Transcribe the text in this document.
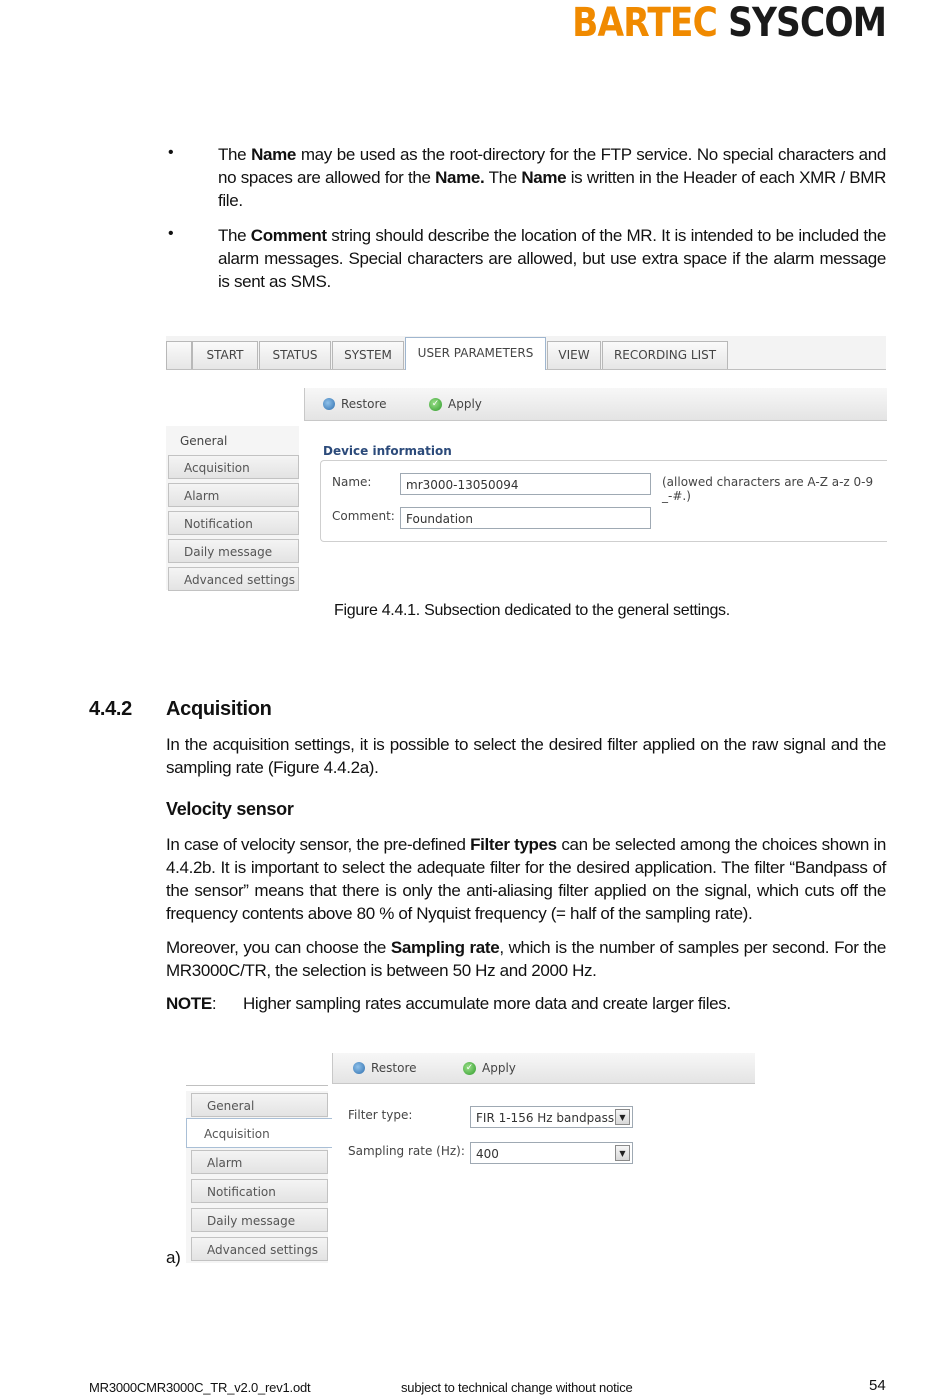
BARTEC SYSCOM
•	The Name may be used as the root-directory for the FTP service. No special characters and no spaces are allowed for the Name. The Name is written in the Header of each XMR / BMR file.
•	The Comment string should describe the location of the MR. It is intended to be included the alarm messages. Special characters are allowed, but use extra space if the alarm message is sent as SMS.
START	STATUS	SYSTEM	USER PARAMETERS	VIEW	RECORDING LIST
Restore	✓ Apply
General
Acquisition
Alarm
Notification
Daily message
Advanced settings
Device information
Name:	mr3000-13050094	(allowed characters are A-Z a-z 0-9 _-#.)
Comment: Foundation
Figure 4.4.1. Subsection dedicated to the general settings.
4.4.2 Acquisition
In the acquisition settings, it is possible to select the desired filter applied on the raw signal and the sampling rate (Figure 4.4.2a).
Velocity sensor
In case of velocity sensor, the pre-defined Filter types can be selected among the choices shown in 4.4.2b. It is important to select the adequate filter for the desired application. The filter “Bandpass of the sensor” means that there is only the anti-aliasing filter applied on the signal, which cuts off the frequency contents above 80 % of Nyquist frequency (= half of the sampling rate).
Moreover, you can choose the Sampling rate, which is the number of samples per second. For the MR3000C/TR, the selection is between 50 Hz and 2000 Hz.
NOTE: Higher sampling rates accumulate more data and create larger files.
Restore	✓ Apply
General
Acquisition
Alarm
Notification
Daily message
Advanced settings
Filter type:	FIR 1-156 Hz bandpass ▼
Sampling rate (Hz): 400	▼
a)
MR3000CMR3000C_TR_v2.0_rev1.odt	subject to technical change without notice	54
